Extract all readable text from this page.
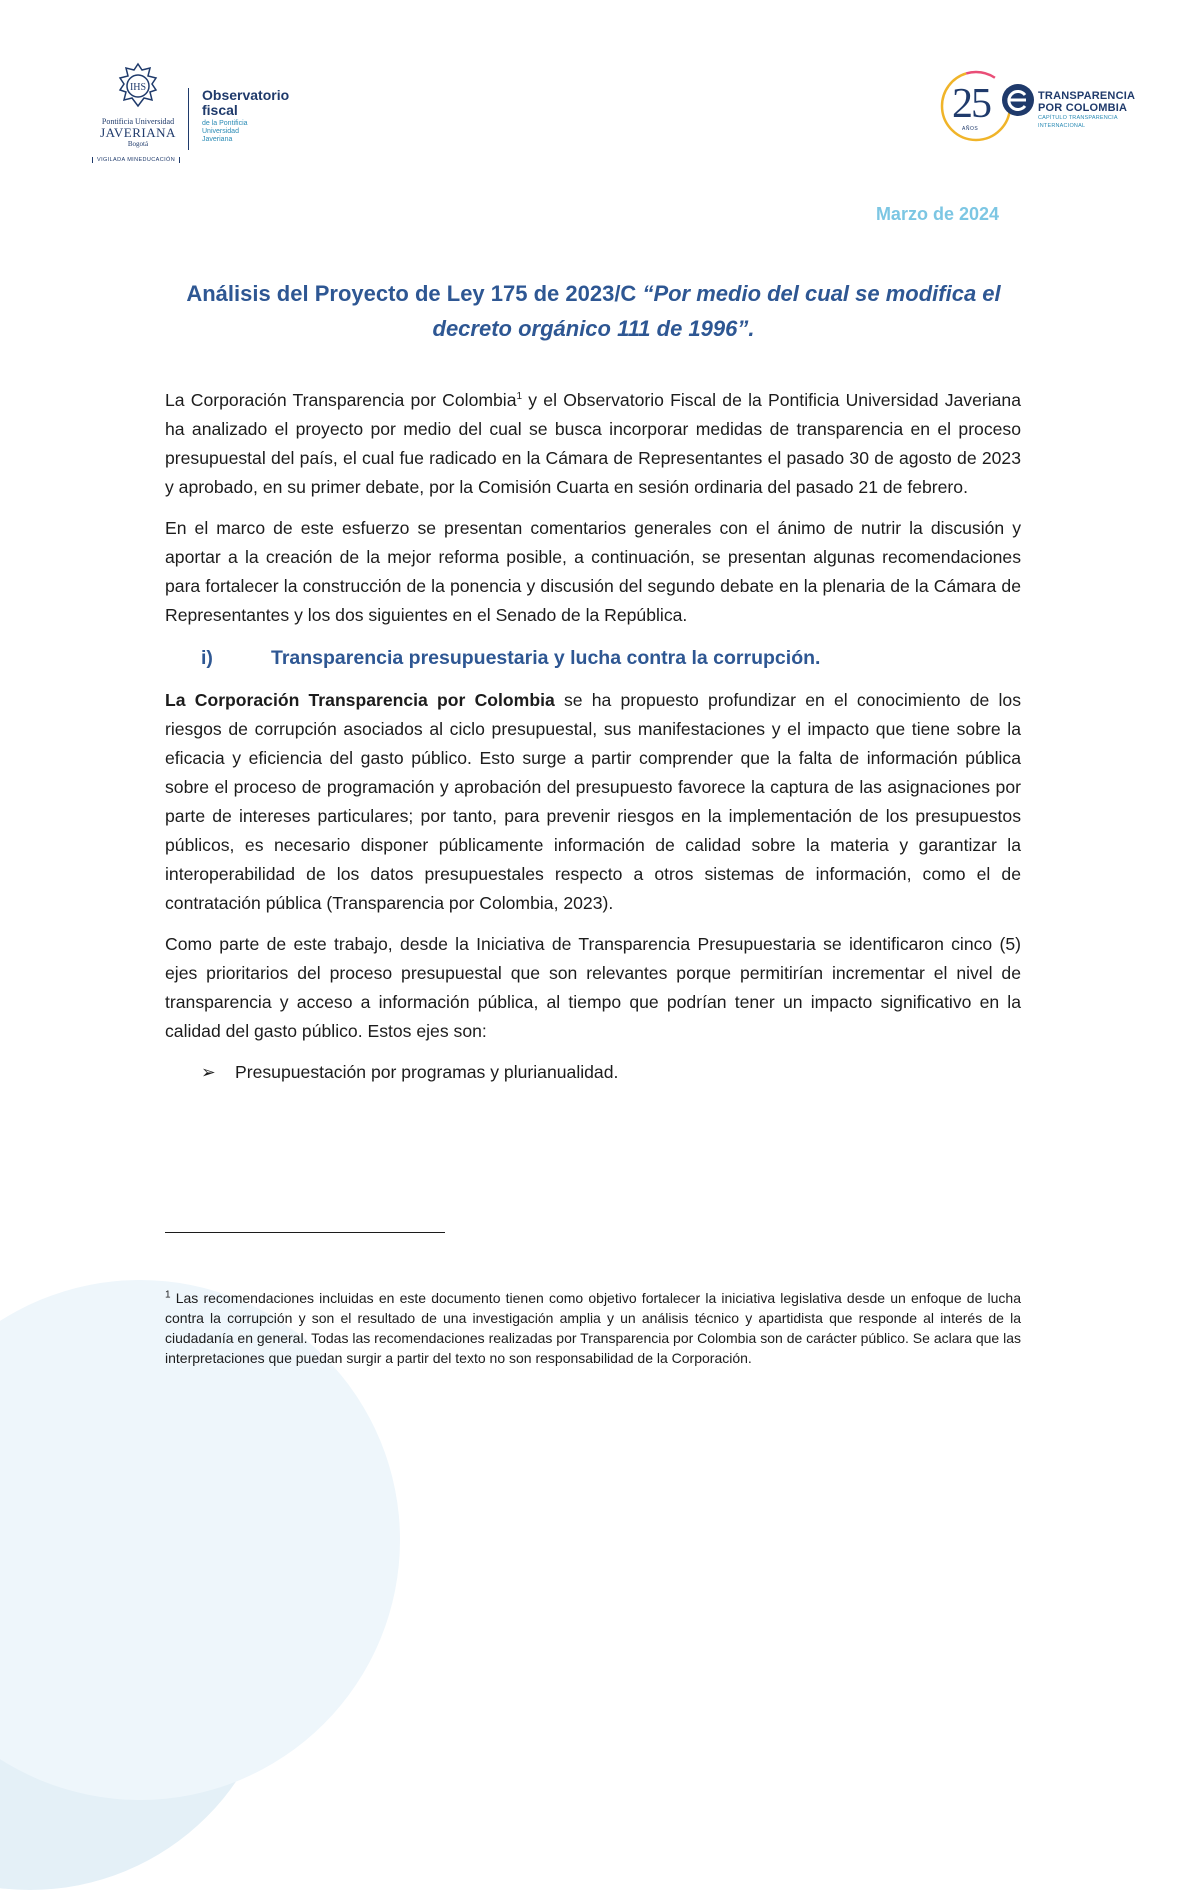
IHS
Pontificia Universidad
JAVERIANA
Bogotá
VIGILADA MINEDUCACIÓN
Observatorio
fiscal
de la Pontificia
Universidad
Javeriana
25
AÑOS
TRANSPARENCIA
POR COLOMBIA
CAPÍTULO TRANSPARENCIA INTERNACIONAL
Marzo de 2024
Análisis del Proyecto de Ley 175 de 2023/C “Por medio del cual se modifica el decreto orgánico 111 de 1996”.

La Corporación Transparencia por Colombia$^1$ y el Observatorio Fiscal de la Pontificia Universidad Javeriana ha analizado el proyecto por medio del cual se busca incorporar medidas de transparencia en el proceso presupuestal del país, el cual fue radicado en la Cámara de Representantes el pasado 30 de agosto de 2023 y aprobado, en su primer debate, por la Comisión Cuarta en sesión ordinaria del pasado 21 de febrero.

En el marco de este esfuerzo se presentan comentarios generales con el ánimo de nutrir la discusión y aportar a la creación de la mejor reforma posible, a continuación, se presentan algunas recomendaciones para fortalecer la construcción de la ponencia y discusión del segundo debate en la plenaria de la Cámara de Representantes y los dos siguientes en el Senado de la República.

i)	Transparencia presupuestaria y lucha contra la corrupción.

La Corporación Transparencia por Colombia se ha propuesto profundizar en el conocimiento de los riesgos de corrupción asociados al ciclo presupuestal, sus manifestaciones y el impacto que tiene sobre la eficacia y eficiencia del gasto público. Esto surge a partir comprender que la falta de información pública sobre el proceso de programación y aprobación del presupuesto favorece la captura de las asignaciones por parte de intereses particulares; por tanto, para prevenir riesgos en la implementación de los presupuestos públicos, es necesario disponer públicamente información de calidad sobre la materia y garantizar la interoperabilidad de los datos presupuestales respecto a otros sistemas de información, como el de contratación pública (Transparencia por Colombia, 2023).

Como parte de este trabajo, desde la Iniciativa de Transparencia Presupuestaria se identificaron cinco (5) ejes prioritarios del proceso presupuestal que son relevantes porque permitirían incrementar el nivel de transparencia y acceso a información pública, al tiempo que podrían tener un impacto significativo en la calidad del gasto público. Estos ejes son:

➢	Presupuestación por programas y plurianualidad.
$^1$ Las recomendaciones incluidas en este documento tienen como objetivo fortalecer la iniciativa legislativa desde un enfoque de lucha contra la corrupción y son el resultado de una investigación amplia y un análisis técnico y apartidista que responde al interés de la ciudadanía en general. Todas las recomendaciones realizadas por Transparencia por Colombia son de carácter público. Se aclara que las interpretaciones que puedan surgir a partir del texto no son responsabilidad de la Corporación.
